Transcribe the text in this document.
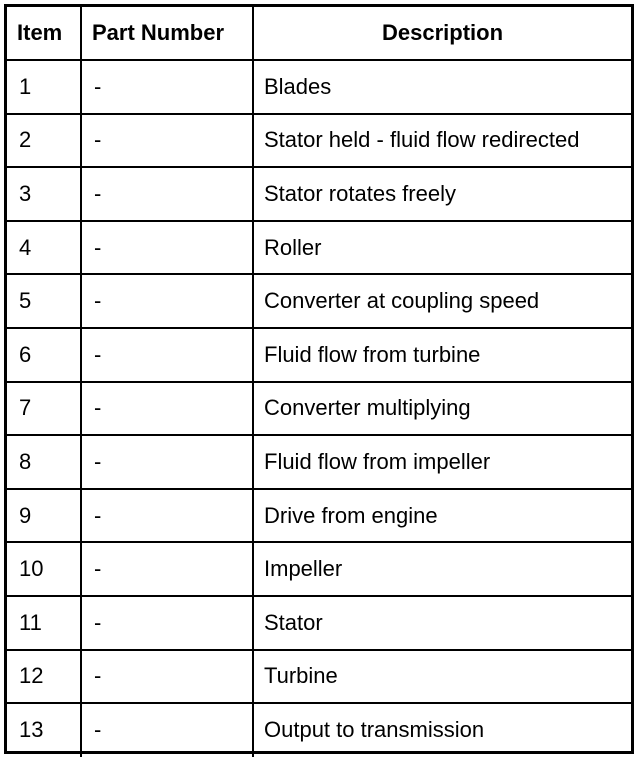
Item	Part Number	Description
1	-	Blades
2	-	Stator held - fluid flow redirected
3	-	Stator rotates freely
4	-	Roller
5	-	Converter at coupling speed
6	-	Fluid flow from turbine
7	-	Converter multiplying
8	-	Fluid flow from impeller
9	-	Drive from engine
10	-	Impeller
11	-	Stator
12	-	Turbine
13	-	Output to transmission
